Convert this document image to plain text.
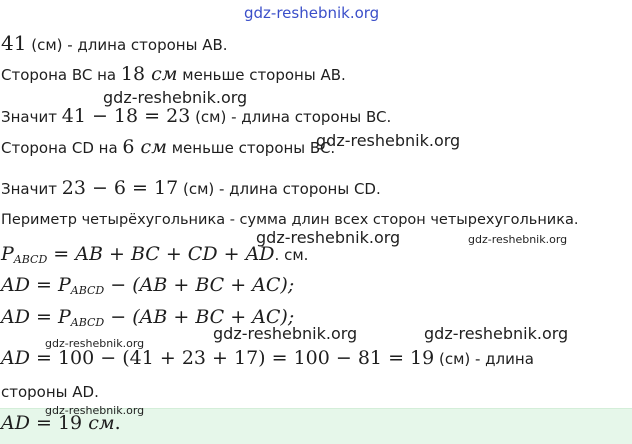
gdz-reshebnik.org
41 (см) - длина стороны AB.
Сторона BC на 18 см меньше стороны AB.
gdz-reshebnik.org
Значит 41 − 18 = 23 (см) - длина стороны BC.
gdz-reshebnik.org
Сторона CD на 6 см меньше стороны BC.
Значит 23 − 6 = 17 (см) - длина стороны CD.
Периметр четырёхугольника - сумма длин всех сторон четырехугольника.
gdz-reshebnik.org	gdz-reshebnik.org
$P_{ABCD}$ = AB + BC + CD + AD. см.
AD = $P_{ABCD} - (AB$ + BC + AC);
AD = $P_{ABCD} - (AB$ + BC + AC);
gdz-reshebnik.org	gdz-reshebnik.org
gdz-reshebnik.org
AD = 100 − (41 + 23 + 17) = 100 − 81 = 19 (см) - длина
стороны AD.
gdz-reshebnik.org
AD = 19 см.
